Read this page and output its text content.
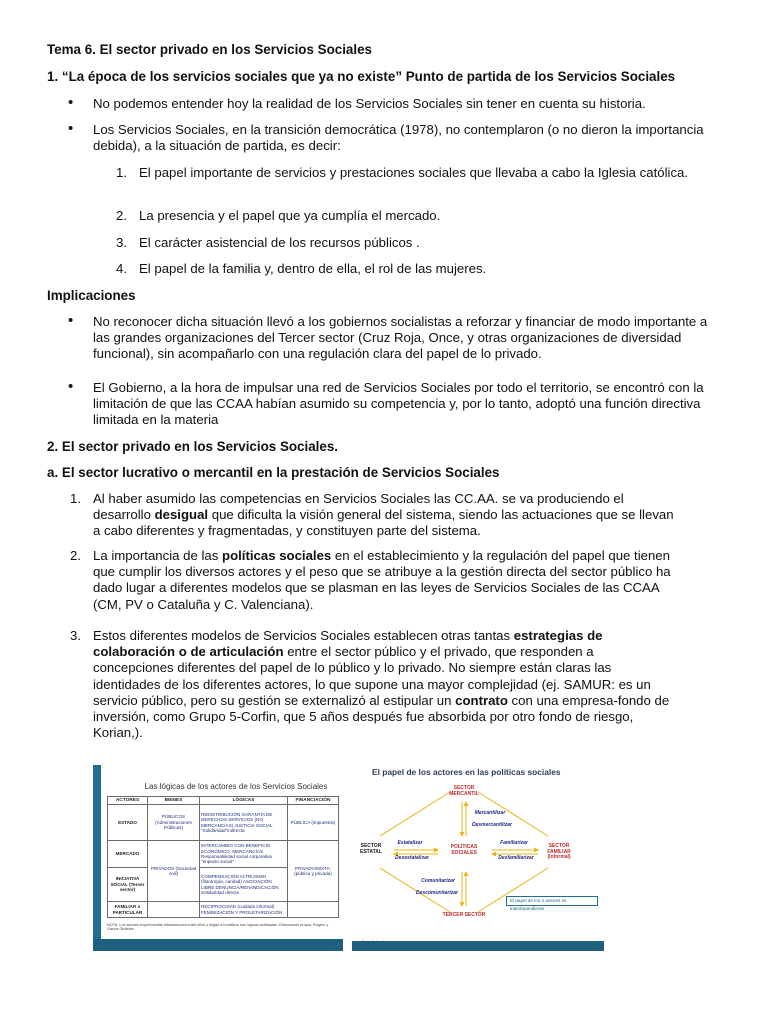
Tema 6. El sector privado en los Servicios Sociales
1. “La época de los servicios sociales que ya no existe” Punto de partida de los Servicios Sociales
• No podemos entender hoy la realidad de los Servicios Sociales sin tener en cuenta su historia.
• Los Servicios Sociales, en la transición democrática (1978), no contemplaron (o no dieron la importancia debida), a la situación de partida, es decir:
1. El papel importante de servicios y prestaciones sociales que llevaba a cabo la Iglesia católica.
2. La presencia y el papel que ya cumplía el mercado.
3. El carácter asistencial de los recursos públicos .
4. El papel de la familia y, dentro de ella, el rol de las mujeres.
Implicaciones
• No reconocer dicha situación llevó a los gobiernos socialistas a reforzar y financiar de modo importante a las grandes organizaciones del Tercer sector (Cruz Roja, Once, y otras organizaciones de diversidad funcional), sin acompañarlo con una regulación clara del papel de lo privado.
• El Gobierno, a la hora de impulsar una red de Servicios Sociales por todo el territorio, se encontró con la limitación de que las CCAA habían asumido su competencia y, por lo tanto, adoptó una función directiva limitada en la materia
2. El sector privado en los Servicios Sociales.
a. El sector lucrativo o mercantil en la prestación de Servicios Sociales
1. Al haber asumido las competencias en Servicios Sociales las CC.AA. se va produciendo el
desarrollo desigual que dificulta la visión general del sistema, siendo las actuaciones que se llevan
a cabo diferentes y fragmentadas, y constituyen parte del sistema.
2. La importancia de las políticas sociales en el establecimiento y la regulación del papel que tienen
que cumplir los diversos actores y el peso que se atribuye a la gestión directa del sector público ha
dado lugar a diferentes modelos que se plasman en las leyes de Servicios Sociales de las CCAA
(CM, PV o Cataluña y C. Valenciana).
3. Estos diferentes modelos de Servicios Sociales establecen otras tantas estrategias de
colaboración o de articulación entre el sector público y el privado, que responden a
concepciones diferentes del papel de lo público y lo privado. No siempre están claras las
identidades de los diferentes actores, lo que supone una mayor complejidad (ej. SAMUR: es un
servicio público, pero su gestión se externalizó al estipular un contrato con una empresa-fondo de
inversión, como Grupo 5-Corfin, que 5 años después fue absorbida por otro fondo de riesgo,
Korian,).
Las lógicas de los actores de los Servicios Sociales
ACTORES	BIENES	LÓGICAS	FINANCIACIÓN
ESTADO	PÚBLICOS (Administraciones Públicas)	REDISTRIBUCIÓN GARANTÍA DE DERECHOS SERVICIOS (NO MERCANCÍAS) JUSTICIA SOCIAL "Solidaridad"indirecta	PÚBLICA (impuestos)
MERCADO	PRIVADOS (Sociedad civil)	INTERCAMBIO CON BENEFICIO ECONÓMICO. MERCANCÍAS Responsabilidad social corporativa "Impacto social"	PRIVADA/MIXTA: (pública y privada)
INICIATIVA SOCIAL (Tercer sector)		COMPENSACIÓN ALTRUISMO (filantropía, caridad) ASOCIACIÓN LIBRE DENUNCIA/REIVINDICACIÓN Solidaridad directa	
FAMILIAR o PARTICULAR		RECIPROCIDAD (cuidado informal) FEMINIZACIÓN Y PROLETARIZACIÓN	
NOTA: Los actores experimentan hibridaciones entre ellos y llegan a modificar sus lógicas señaladas. Elaboración propia. Rogero y García Giráldez.
El papel de los actores en las políticas sociales
SECTOR MERCANTIL
Mercantilizar
Desmercantilizar
SECTOR ESTATAL
Estatalizar
Desestatalizar
POLÍTICAS SOCIALES
Familiarizar
Desfamiliarizar
SECTOR FAMILIAR (informal)
Comunitarizar
Descomunitarizar
TERCER SECTOR
El papel de los 4 actores es interdependiente
